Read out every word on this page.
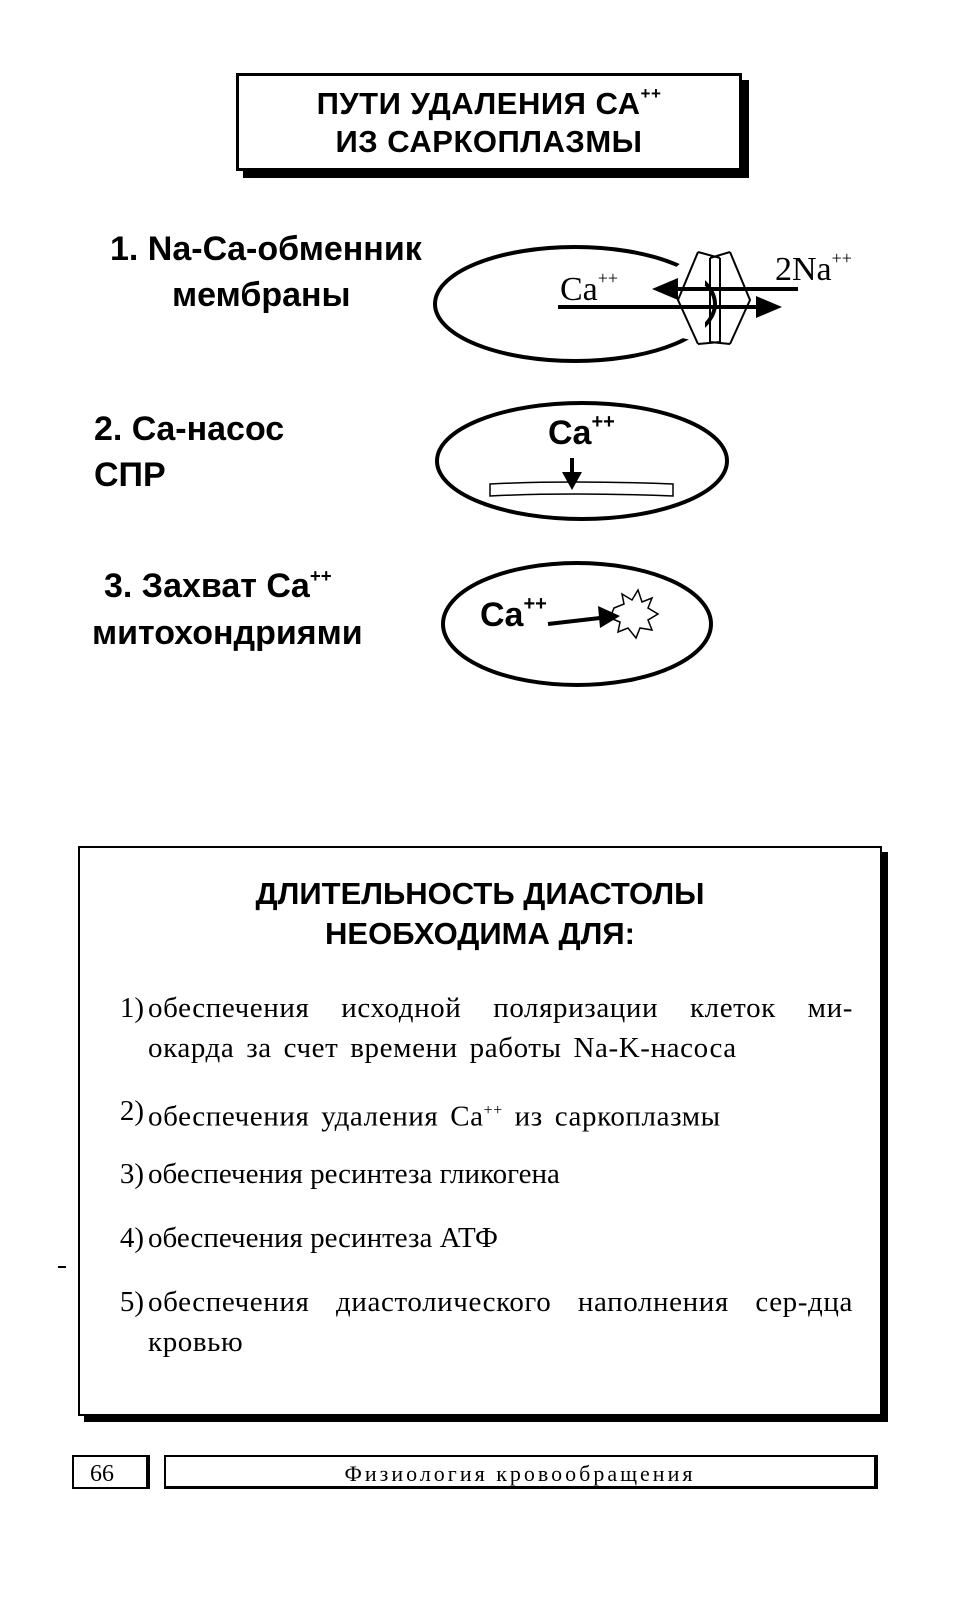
ПУТИ УДАЛЕНИЯ СА++
ИЗ САРКОПЛАЗМЫ
1. Na-Ca-обменник
мембраны	Ca++	2Na++
2. Ca-насос
СПР
Ca++
3. Захват Ca++
митохондриями	Ca++
ДЛИТЕЛЬНОСТЬ ДИАСТОЛЫ
НЕОБХОДИМА ДЛЯ:
1) обеспечения исходной поляризации клеток ми-окарда за счет времени работы Na-K-насоса
2) обеспечения удаления Ca++ из саркоплазмы
3) обеспечения ресинтеза гликогена
4) обеспечения ресинтеза АТФ
5) обеспечения диастолического наполнения сер-дца кровью
66	Физиология кровообращения
